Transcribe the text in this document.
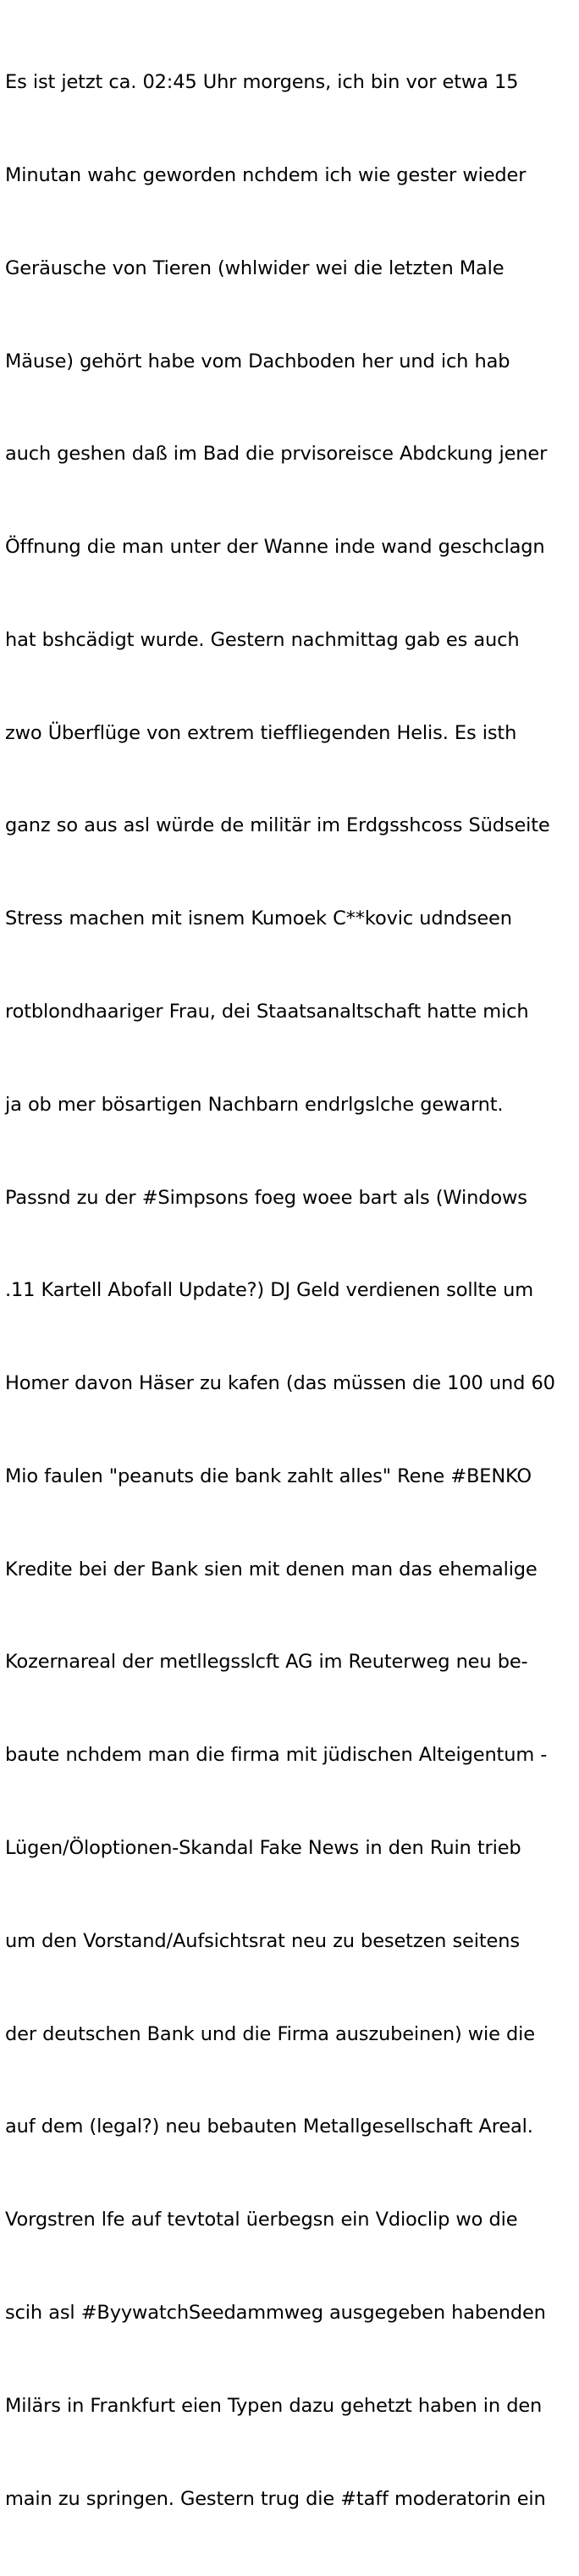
Es ist jetzt ca. 02:45 Uhr morgens, ich bin vor etwa 15

Minutan wahc geworden nchdem ich wie gester wieder

Geräusche von Tieren (whlwider wei die letzten Male

Mäuse) gehört habe vom Dachboden her und ich hab

auch geshen daß im Bad die prvisoreisce Abdckung jener

Öffnung die man unter der Wanne inde wand geschclagn

hat bshcädigt wurde. Gestern nachmittag gab es auch

zwo Überflüge von extrem tieffliegenden Helis. Es isth

ganz so aus asl würde de militär im Erdgsshcoss Südseite

Stress machen mit isnem Kumoek C**kovic udndseen

rotblondhaariger Frau, dei Staatsanaltschaft hatte mich

ja ob mer bösartigen Nachbarn endrlgslche gewarnt.

Passnd zu der #Simpsons foeg woee bart als (Windows

.11 Kartell Abofall Update?) DJ Geld verdienen sollte um

Homer davon Häser zu kafen (das müssen die 100 und 60

Mio faulen "peanuts die bank zahlt alles" Rene #BENKO

Kredite bei der Bank sien mit denen man das ehemalige

Kozernareal der metllegsslcft AG im Reuterweg neu be-

baute nchdem man die firma mit jüdischen Alteigentum -

Lügen/Öloptionen-Skandal Fake News in den Ruin trieb

um den Vorstand/Aufsichtsrat neu zu besetzen seitens

der deutschen Bank und die Firma auszubeinen) wie die

auf dem (legal?) neu bebauten Metallgesellschaft Areal.

Vorgstren lfe auf tevtotal üerbegsn ein Vdioclip wo die

scih asl #ByywatchSeedammweg ausgegeben habenden

Milärs in Frankfurt eien Typen dazu gehetzt haben in den

main zu springen. Gestern trug die #taff moderatorin ein
